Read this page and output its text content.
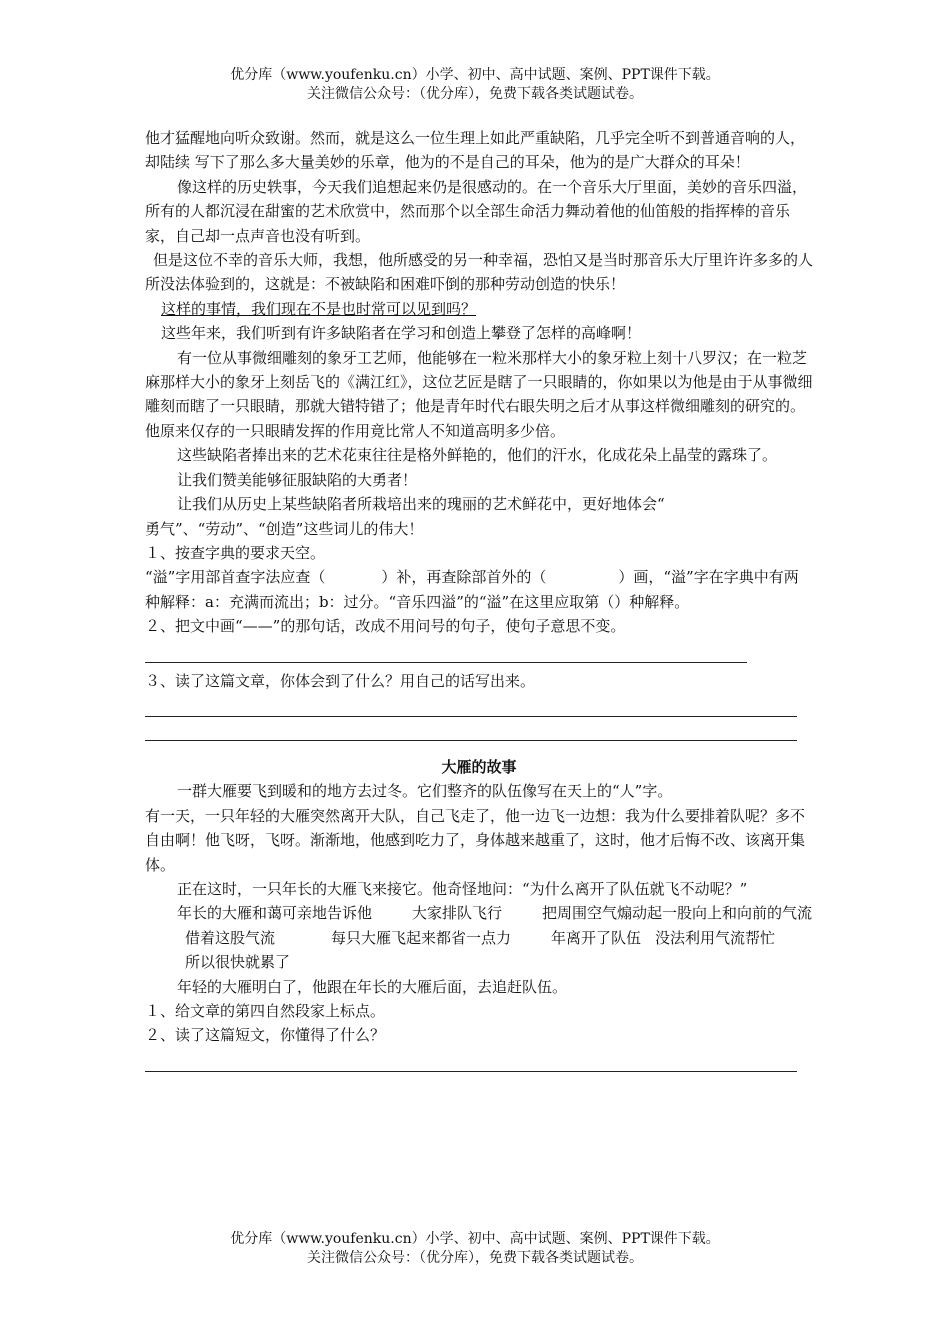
优分库（www.youfenku.cn）小学、初中、高中试题、案例、PPT课件下载。
关注微信公众号：（优分库），免费下载各类试题试卷。

他才猛醒地向听众致谢。然而，就是这么一位生理上如此严重缺陷，几乎完全听不到普通音响的人，却陆续 写下了那么多大量美妙的乐章，他为的不是自己的耳朵，他为的是广大群众的耳朵！

像这样的历史轶事，今天我们追想起来仍是很感动的。在一个音乐大厅里面，美妙的音乐四溢，所有的人都沉浸在甜蜜的艺术欣赏中，然而那个以全部生命活力舞动着他的仙笛般的指挥棒的音乐家，自己却一点声音也没有听到。

但是这位不幸的音乐大师，我想，他所感受的另一种幸福，恐怕又是当时那音乐大厅里许许多多的人所没法体验到的，这就是：不被缺陷和困难吓倒的那种劳动创造的快乐！

这样的事情，我们现在不是也时常可以见到吗？

这些年来，我们听到有许多缺陷者在学习和创造上攀登了怎样的高峰啊！

有一位从事微细雕刻的象牙工艺师，他能够在一粒米那样大小的象牙粒上刻十八罗汉；在一粒芝麻那样大小的象牙上刻岳飞的《满江红》，这位艺匠是瞎了一只眼睛的，你如果以为他是由于从事微细雕刻而瞎了一只眼睛，那就大错特错了；他是青年时代右眼失明之后才从事这样微细雕刻的研究的。他原来仅存的一只眼睛发挥的作用竟比常人不知道高明多少倍。

这些缺陷者捧出来的艺术花束往往是格外鲜艳的，他们的汗水，化成花朵上晶莹的露珠了。

让我们赞美能够征服缺陷的大勇者！

让我们从历史上某些缺陷者所栽培出来的瑰丽的艺术鲜花中，更好地体会“

勇气”、“劳动”、“创造”这些词儿的伟大！

１、按查字典的要求天空。

“溢”字用部首查字法应查（	）补，再查除部首外的（	）画，“溢”字在字典中有两种解释：a：充满而流出；b：过分。“音乐四溢”的“溢”在这里应取第（）种解释。

２、把文中画“——”的那句话，改成不用问号的句子，使句子意思不变。

３、读了这篇文章，你体会到了什么？用自己的话写出来。

大雁的故事

一群大雁要飞到暖和的地方去过冬。它们整齐的队伍像写在天上的“人”字。

有一天，一只年轻的大雁突然离开大队，自己飞走了，他一边飞一边想：我为什么要排着队呢？多不自由啊！他飞呀，飞呀。渐渐地，他感到吃力了，身体越来越重了，这时，他才后悔不改、该离开集体。

正在这时，一只年长的大雁飞来接它。他奇怪地问：“为什么离开了队伍就飞不动呢？”

年长的大雁和蔼可亲地告诉他	大家排队飞行	把周围空气煽动起一股向上和向前的气流借着这股气流	每只大雁飞起来都省一点力	年离开了队伍 没法利用气流帮忙所以很快就累了

年轻的大雁明白了，他跟在年长的大雁后面，去追赶队伍。

１、给文章的第四自然段家上标点。

２、读了这篇短文，你懂得了什么？

优分库（www.youfenku.cn）小学、初中、高中试题、案例、PPT课件下载。
关注微信公众号：（优分库），免费下载各类试题试卷。
